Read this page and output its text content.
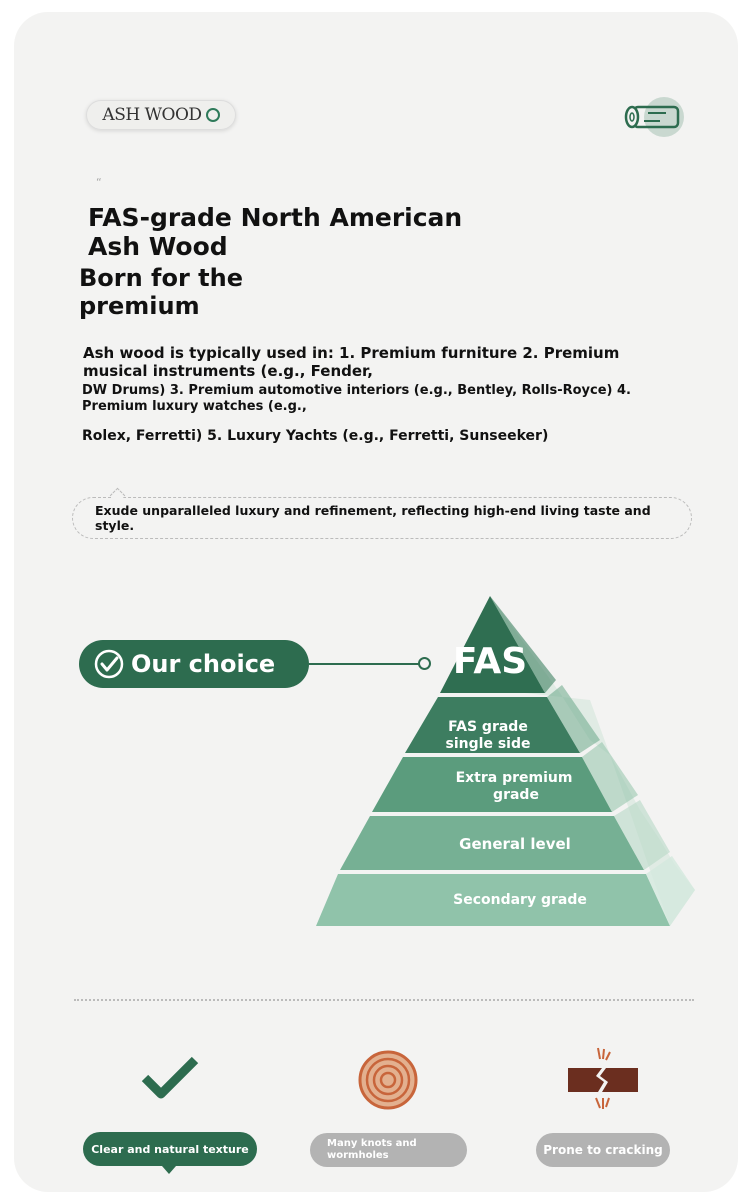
ASH WOOD
“
FAS-grade North American
Ash Wood
Born for the
premium
Ash wood is typically used in: 1. Premium furniture 2. Premium musical instruments (e.g., Fender,
DW Drums) 3. Premium automotive interiors (e.g., Bentley, Rolls-Royce) 4. Premium luxury watches (e.g.,
Rolex, Ferretti) 5. Luxury Yachts (e.g., Ferretti, Sunseeker)
Exude unparalleled luxury and refinement, reflecting high-end living taste and style.
Our choice	FAS
FAS grade
single side
Extra premium
grade
General level
Secondary grade
Clear and natural texture	Many knots and
wormholes	Prone to cracking
